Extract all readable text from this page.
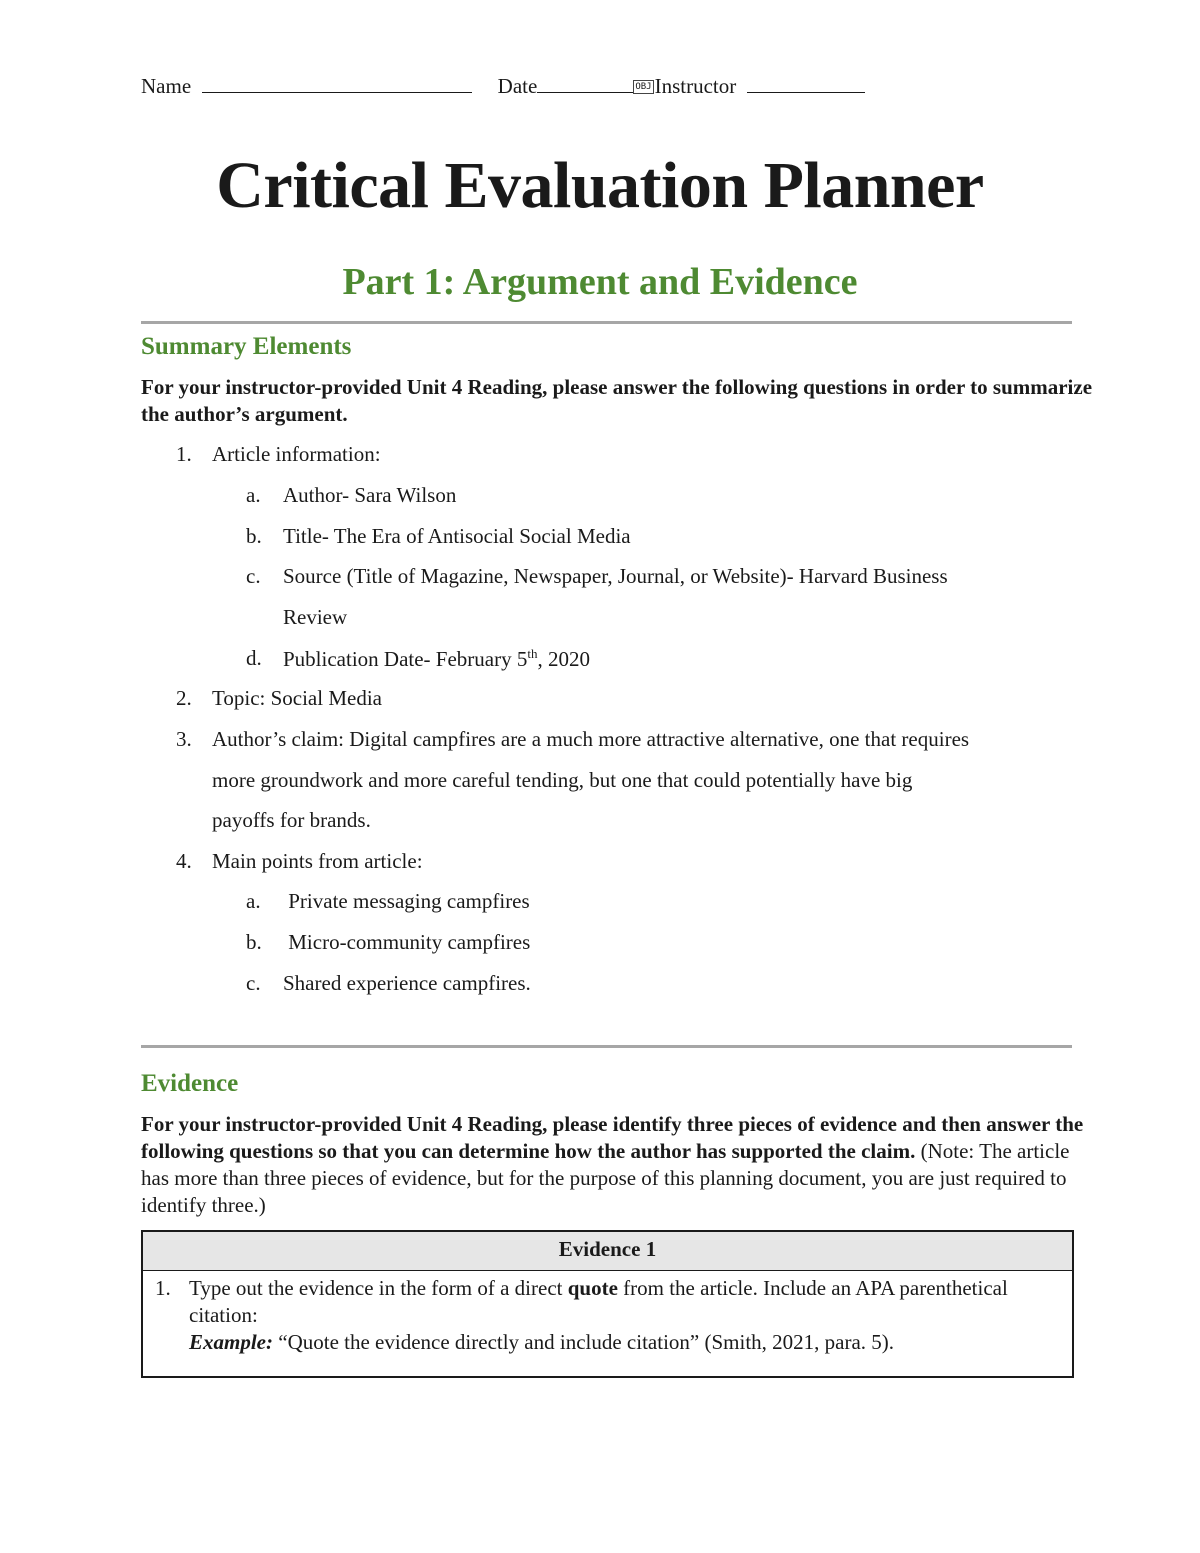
Name	Date	OBJ Instructor
Critical Evaluation Planner
Part 1: Argument and Evidence
Summary Elements
For your instructor-provided Unit 4 Reading, please answer the following questions in order to summarize the author’s argument.
1. Article information:
a. Author- Sara Wilson
b. Title- The Era of Antisocial Social Media
c. Source (Title of Magazine, Newspaper, Journal, or Website)- Harvard Business
Review
d. Publication Date- February 5th, 2020
2. Topic: Social Media
3. Author’s claim: Digital campfires are a much more attractive alternative, one that requires
more groundwork and more careful tending, but one that could potentially have big
payoffs for brands.
4. Main points from article:
a. Private messaging campfires
b. Micro-community campfires
c. Shared experience campfires.
Evidence
For your instructor-provided Unit 4 Reading, please identify three pieces of evidence and then answer the following questions so that you can determine how the author has supported the claim. (Note: The article has more than three pieces of evidence, but for the purpose of this planning document, you are just required to identify three.)
Evidence 1
1. Type out the evidence in the form of a direct quote from the article. Include an APA parenthetical citation:
Example: “Quote the evidence directly and include citation” (Smith, 2021, para. 5).
